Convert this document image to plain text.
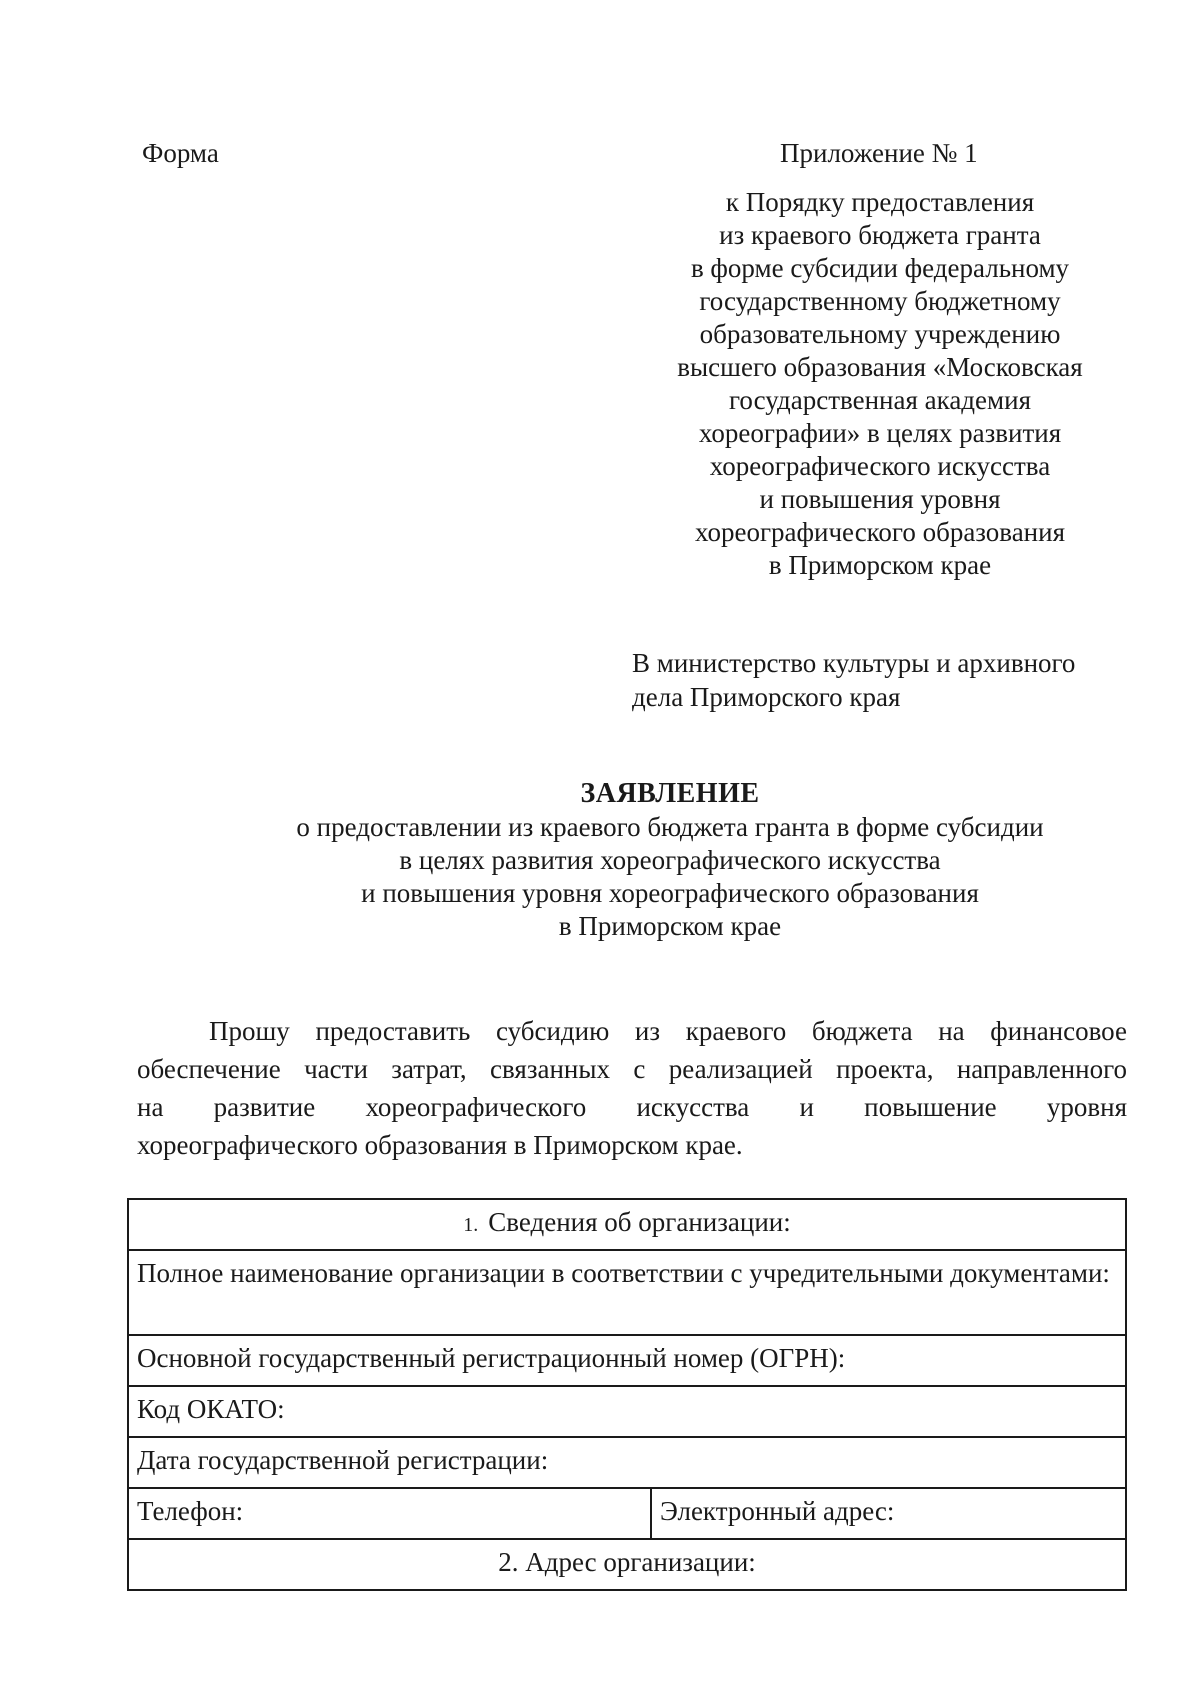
Форма	Приложение № 1
к Порядку предоставления
из краевого бюджета гранта
в форме субсидии федеральному
государственному бюджетному
образовательному учреждению
высшего образования «Московская
государственная академия
хореографии» в целях развития
хореографического искусства
и повышения уровня
хореографического образования
в Приморском крае
В министерство культуры и архивного
дела Приморского края
ЗАЯВЛЕНИЕ
о предоставлении из краевого бюджета гранта в форме субсидии
в целях развития хореографического искусства
и повышения уровня хореографического образования
в Приморском крае
Прошу предоставить субсидию из краевого бюджета на финансовое
обеспечение части затрат, связанных с реализацией проекта, направленного
на развитие хореографического искусства и повышение уровня
хореографического образования в Приморском крае.
1. Сведения об организации:
Полное наименование организации в соответствии с учредительными документами:
Основной государственный регистрационный номер (ОГРН):
Код ОКАТО:
Дата государственной регистрации:
Телефон:	Электронный адрес:
2. Адрес организации:
